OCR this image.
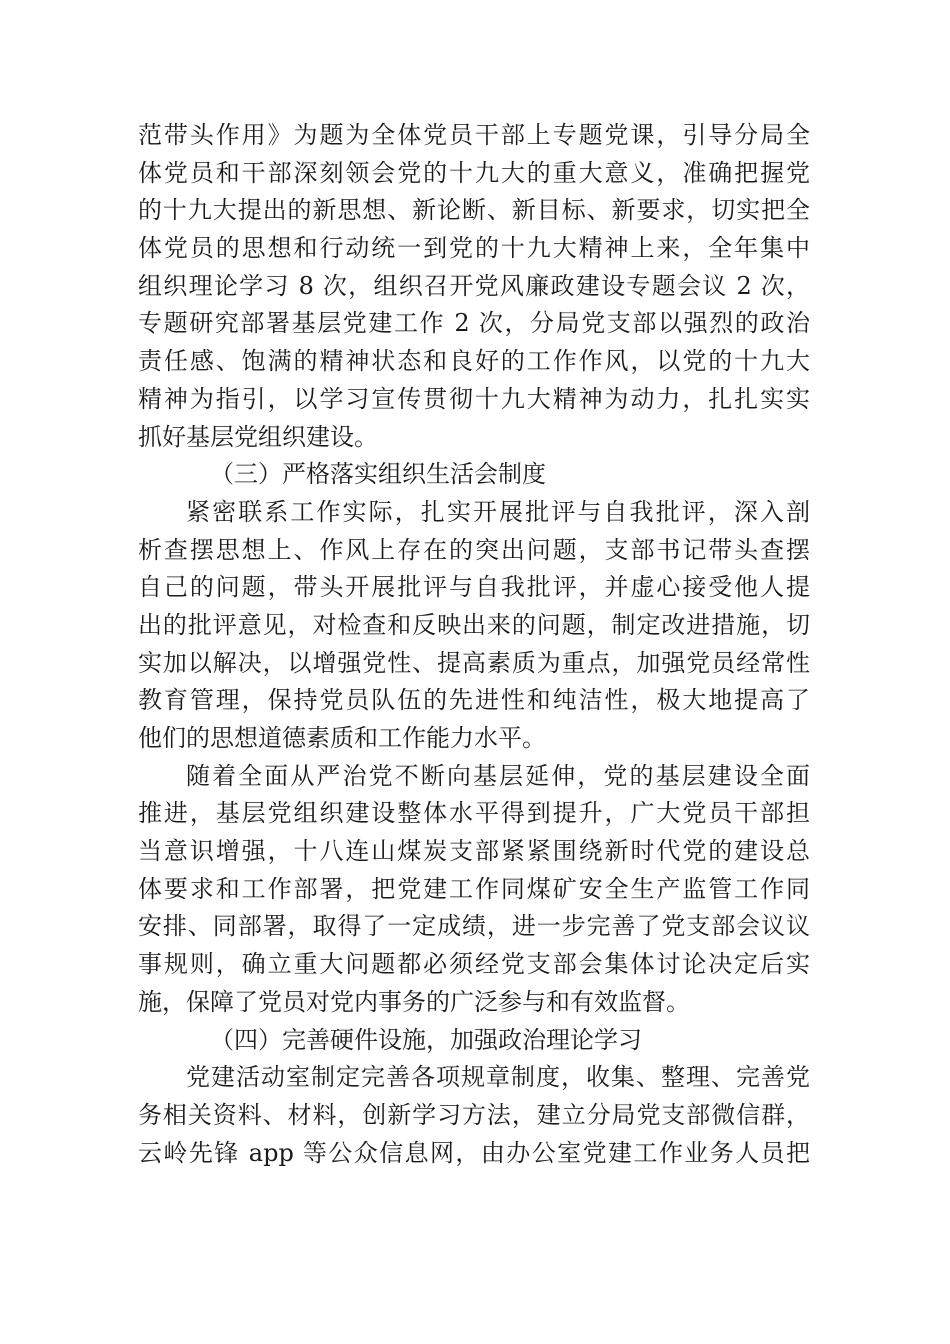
范带头作用》为题为全体党员干部上专题党课，引导分局全
体党员和干部深刻领会党的十九大的重大意义，准确把握党
的十九大提出的新思想、新论断、新目标、新要求，切实把全
体党员的思想和行动统一到党的十九大精神上来，全年集中
组织理论学习 8 次，组织召开党风廉政建设专题会议 2 次，
专题研究部署基层党建工作 2 次，分局党支部以强烈的政治
责任感、饱满的精神状态和良好的工作作风，以党的十九大
精神为指引，以学习宣传贯彻十九大精神为动力，扎扎实实
抓好基层党组织建设。
（三）严格落实组织生活会制度
紧密联系工作实际，扎实开展批评与自我批评，深入剖
析查摆思想上、作风上存在的突出问题，支部书记带头查摆
自己的问题，带头开展批评与自我批评，并虚心接受他人提
出的批评意见，对检查和反映出来的问题，制定改进措施，切
实加以解决，以增强党性、提高素质为重点，加强党员经常性
教育管理，保持党员队伍的先进性和纯洁性，极大地提高了
他们的思想道德素质和工作能力水平。
随着全面从严治党不断向基层延伸，党的基层建设全面
推进，基层党组织建设整体水平得到提升，广大党员干部担
当意识增强，十八连山煤炭支部紧紧围绕新时代党的建设总
体要求和工作部署，把党建工作同煤矿安全生产监管工作同
安排、同部署，取得了一定成绩，进一步完善了党支部会议议
事规则，确立重大问题都必须经党支部会集体讨论决定后实
施，保障了党员对党内事务的广泛参与和有效监督。
（四）完善硬件设施，加强政治理论学习
党建活动室制定完善各项规章制度，收集、整理、完善党
务相关资料、材料，创新学习方法，建立分局党支部微信群，
云岭先锋 app 等公众信息网，由办公室党建工作业务人员把
